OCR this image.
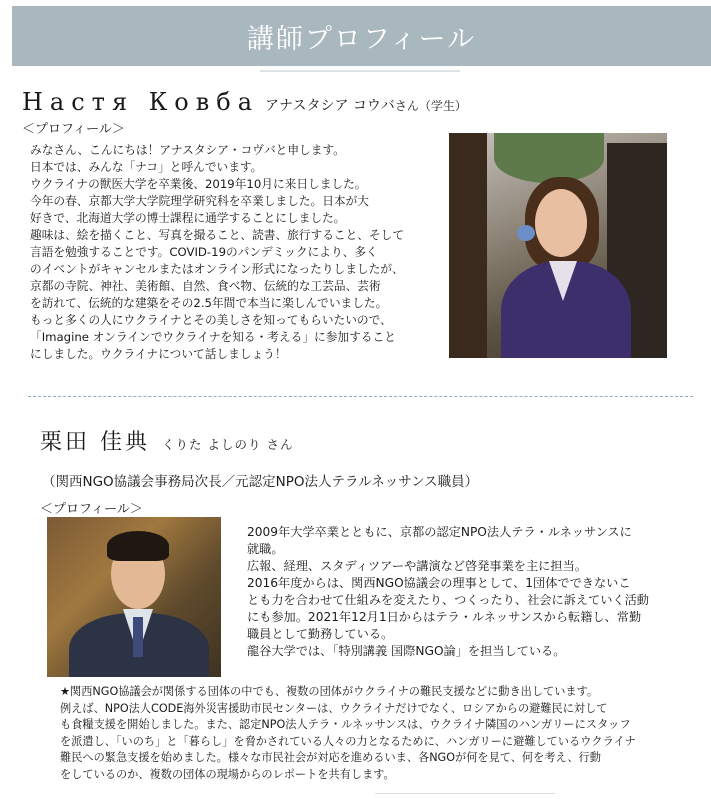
講師プロフィール
Настя Ковба アナスタシア コウバさん（学生）
＜プロフィール＞
みなさん、こんにちは！アナスタシア・コヴバと申します。
日本では、みんな「ナコ」と呼んでいます。
ウクライナの獣医大学を卒業後、2019年10月に来日しました。
今年の春、京都大学大学院理学研究科を卒業しました。日本が大
好きで、北海道大学の博士課程に通学することにしました。
趣味は、絵を描くこと、写真を撮ること、読書、旅行すること、そして
言語を勉強することです。COVID-19のパンデミックにより、多く
のイベントがキャンセルまたはオンライン形式になったりしましたが、
京都の寺院、神社、美術館、自然、食べ物、伝統的な工芸品、芸術
を訪れて、伝統的な建築をその2.5年間で本当に楽しんでいました。
もっと多くの人にウクライナとその美しさを知ってもらいたいので、
「Imagine オンラインでウクライナを知る・考える」に参加すること
にしました。ウクライナについて話しましょう！
栗田 佳典 くりた よしのり さん
（関西NGO協議会事務局次長／元認定NPO法人テラルネッサンス職員）
＜プロフィール＞
2009年大学卒業とともに、京都の認定NPO法人テラ・ルネッサンスに
就職。
広報、経理、スタディツアーや講演など啓発事業を主に担当。
2016年度からは、関西NGO協議会の理事として、1団体でできないこ
とも力を合わせて仕組みを変えたり、つくったり、社会に訴えていく活動
にも参加。2021年12月1日からはテラ・ルネッサンスから転籍し、常勤
職員として勤務している。
龍谷大学では、「特別講義 国際NGO論」を担当している。
★関西NGO協議会が関係する団体の中でも、複数の団体がウクライナの難民支援などに動き出しています。
例えば、NPO法人CODE海外災害援助市民センターは、ウクライナだけでなく、ロシアからの避難民に対して
も食糧支援を開始しました。また、認定NPO法人テラ・ルネッサンスは、ウクライナ隣国のハンガリーにスタッフ
を派遣し、「いのち」と「暮らし」を脅かされている人々の力となるために、ハンガリーに避難しているウクライナ
難民への緊急支援を始めました。様々な市民社会が対応を進めるいま、各NGOが何を見て、何を考え、行動
をしているのか、複数の団体の現場からのレポートを共有します。
